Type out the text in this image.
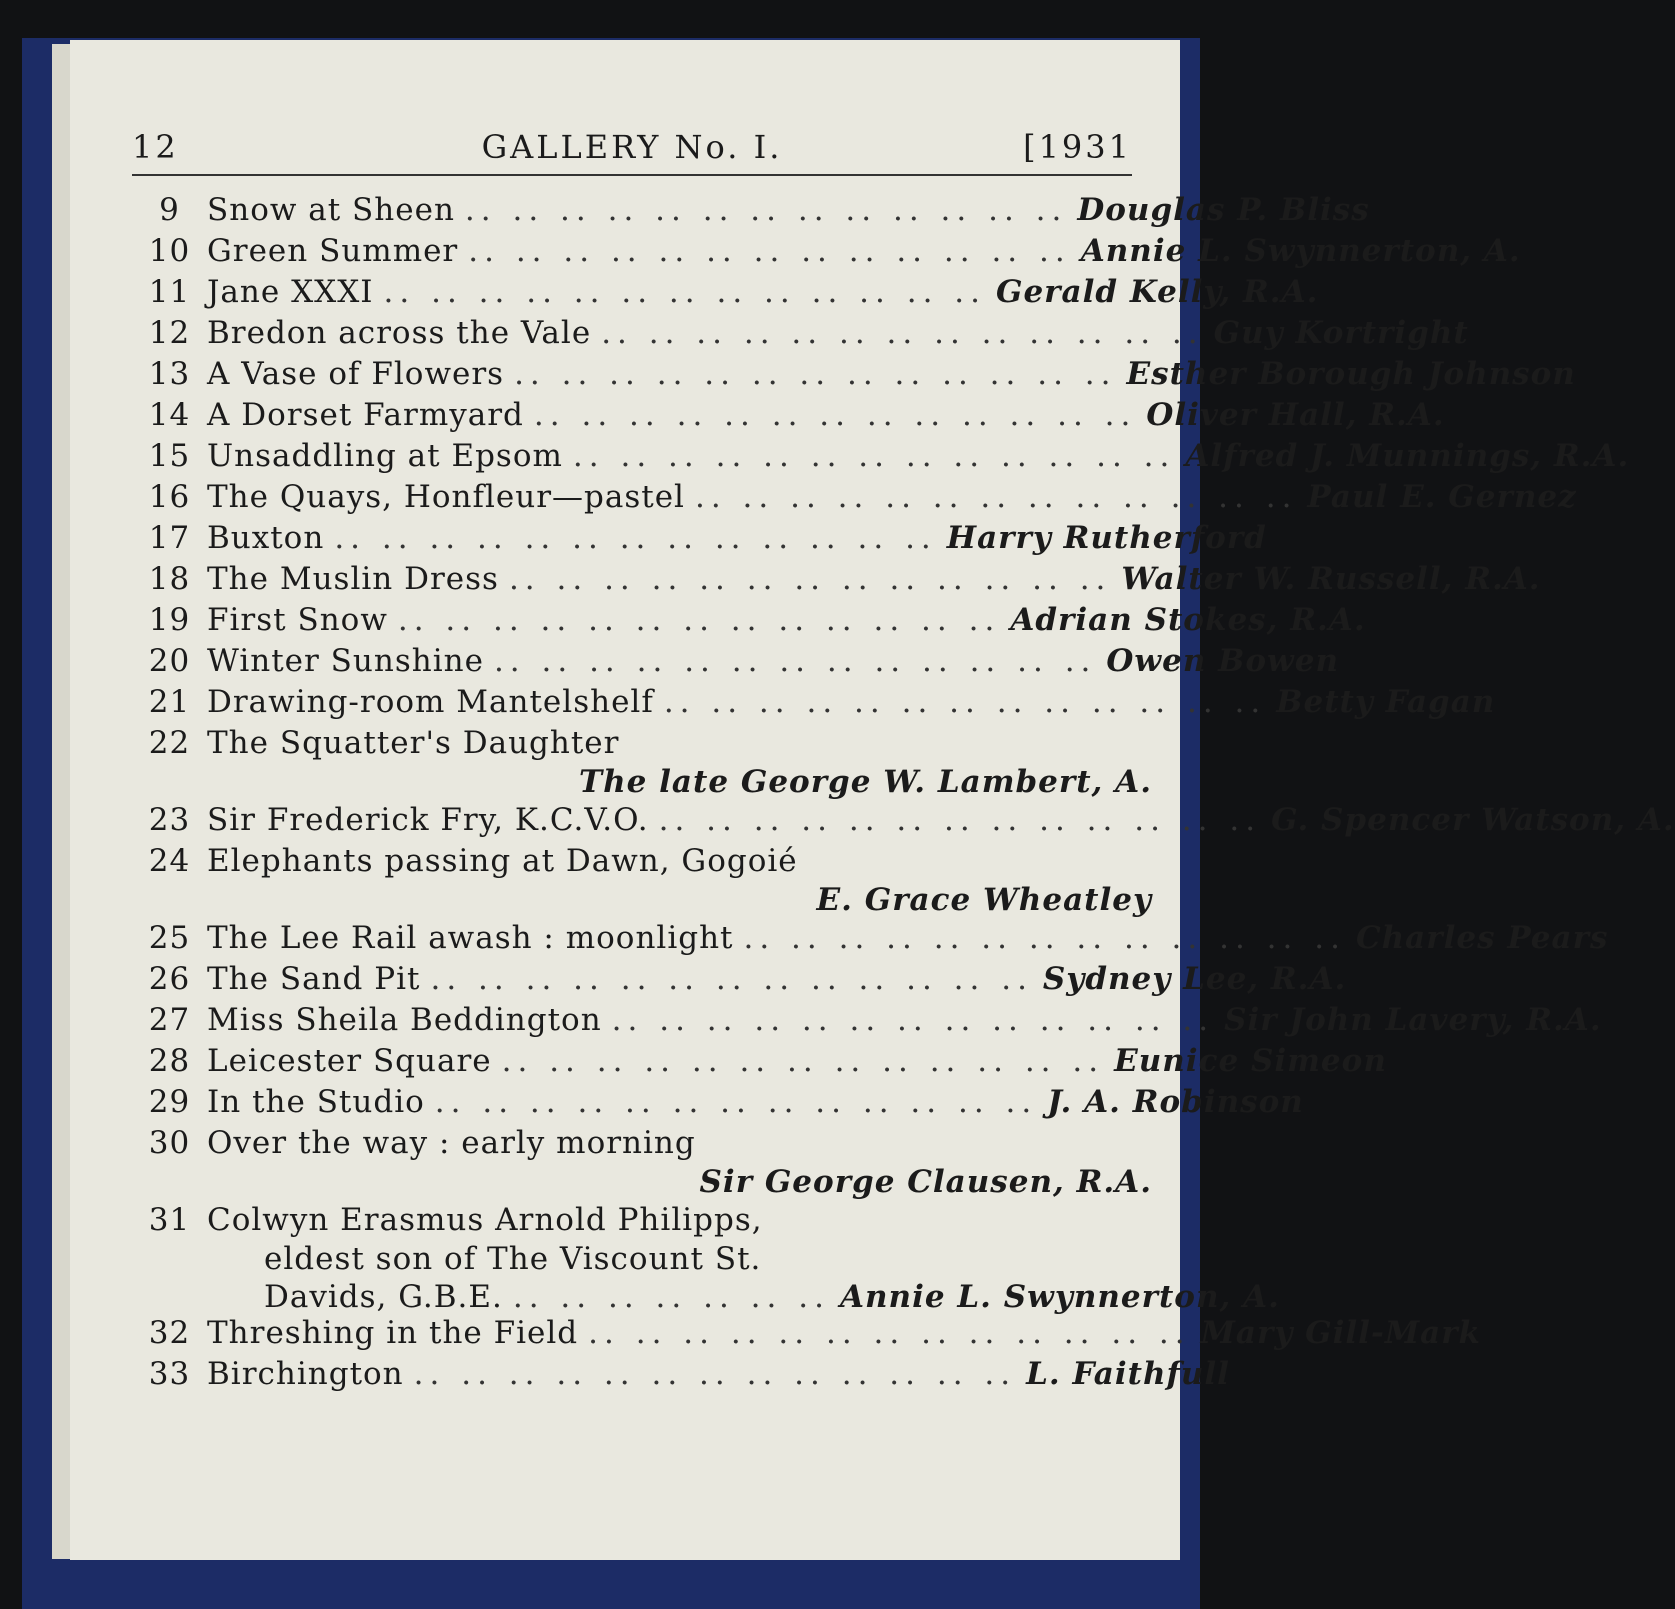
12	GALLERY No. I.	[1931
9 Snow at Sheen .. .. .. .. .. .. .. .. .. .. .. .. .. Douglas P. Bliss
10 Green Summer .. .. .. .. .. .. .. .. .. .. .. .. .. Annie L. Swynnerton, A.
11 Jane XXXI .. .. .. .. .. .. .. .. .. .. .. .. .. Gerald Kelly, R.A.
12 Bredon across the Vale .. .. .. .. .. .. .. .. .. .. .. .. .. Guy Kortright
13 A Vase of Flowers .. .. .. .. .. .. .. .. .. .. .. .. .. Esther Borough Johnson
14 A Dorset Farmyard .. .. .. .. .. .. .. .. .. .. .. .. .. Oliver Hall, R.A.
15 Unsaddling at Epsom .. .. .. .. .. .. .. .. .. .. .. .. .. Alfred J. Munnings, R.A.
16 The Quays, Honfleur—pastel .. .. .. .. .. .. .. .. .. .. .. .. .. Paul E. Gernez
17 Buxton .. .. .. .. .. .. .. .. .. .. .. .. .. Harry Rutherford
18 The Muslin Dress .. .. .. .. .. .. .. .. .. .. .. .. .. Walter W. Russell, R.A.
19 First Snow .. .. .. .. .. .. .. .. .. .. .. .. .. Adrian Stokes, R.A.
20 Winter Sunshine .. .. .. .. .. .. .. .. .. .. .. .. .. Owen Bowen
21 Drawing-room Mantelshelf .. .. .. .. .. .. .. .. .. .. .. .. .. Betty Fagan
22 The Squatter's Daughter
The late George W. Lambert, A.
23 Sir Frederick Fry, K.C.V.O. .. .. .. .. .. .. .. .. .. .. .. .. .. G. Spencer Watson, A.
24 Elephants passing at Dawn, Gogoié
E. Grace Wheatley
25 The Lee Rail awash : moonlight .. .. .. .. .. .. .. .. .. .. .. .. .. Charles Pears
26 The Sand Pit .. .. .. .. .. .. .. .. .. .. .. .. .. Sydney Lee, R.A.
27 Miss Sheila Beddington .. .. .. .. .. .. .. .. .. .. .. .. .. Sir John Lavery, R.A.
28 Leicester Square .. .. .. .. .. .. .. .. .. .. .. .. .. Eunice Simeon
29 In the Studio .. .. .. .. .. .. .. .. .. .. .. .. .. J. A. Robinson
30 Over the way : early morning
Sir George Clausen, R.A.
31 Colwyn Erasmus Arnold Philipps,
eldest son of The Viscount St.
Davids, G.B.E. .. .. .. .. .. .. .. Annie L. Swynnerton, A.
32 Threshing in the Field .. .. .. .. .. .. .. .. .. .. .. .. .. Mary Gill-Mark
33 Birchington .. .. .. .. .. .. .. .. .. .. .. .. .. L. Faithfull
